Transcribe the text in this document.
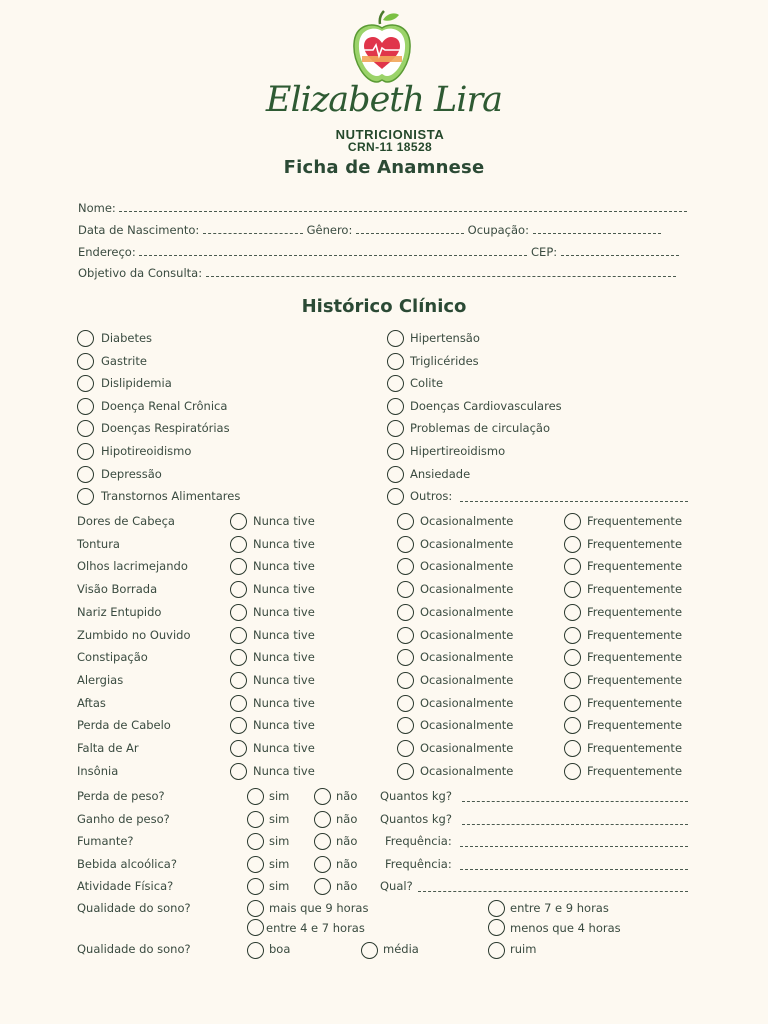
Elizabeth Lira
NUTRICIONISTA
CRN-11 18528
Ficha de Anamnese
Nome:
Data de Nascimento:	Gênero:	Ocupação:
Endereço:	CEP:
Objetivo da Consulta:
Histórico Clínico
Diabetes
Gastrite
Dislipidemia
Doença Renal Crônica
Doenças Respiratórias
Hipotireoidismo
Depressão
Transtornos Alimentares
Hipertensão
Triglicérides
Colite
Doenças Cardiovasculares
Problemas de circulação
Hipertireoidismo
Ansiedade
Outros:
Dores de Cabeça	Nunca tive	Ocasionalmente	Frequentemente
Tontura	Nunca tive	Ocasionalmente	Frequentemente
Olhos lacrimejando	Nunca tive	Ocasionalmente	Frequentemente
Visão Borrada	Nunca tive	Ocasionalmente	Frequentemente
Nariz Entupido	Nunca tive	Ocasionalmente	Frequentemente
Zumbido no Ouvido	Nunca tive	Ocasionalmente	Frequentemente
Constipação	Nunca tive	Ocasionalmente	Frequentemente
Alergias	Nunca tive	Ocasionalmente	Frequentemente
Aftas	Nunca tive	Ocasionalmente	Frequentemente
Perda de Cabelo	Nunca tive	Ocasionalmente	Frequentemente
Falta de Ar	Nunca tive	Ocasionalmente	Frequentemente
Insônia	Nunca tive	Ocasionalmente	Frequentemente
Perda de peso?	sim	não Quantos kg?
Ganho de peso?	sim	não Quantos kg?
Fumante?	sim	não Frequência:
Bebida alcoólica?	sim	não Frequência:
Atividade Física?	sim	não Qual?
Qualidade do sono?	mais que 9 horas	entre 7 e 9 horas
entre 4 e 7 horas	menos que 4 horas
Qualidade do sono?	boa	média	ruim
